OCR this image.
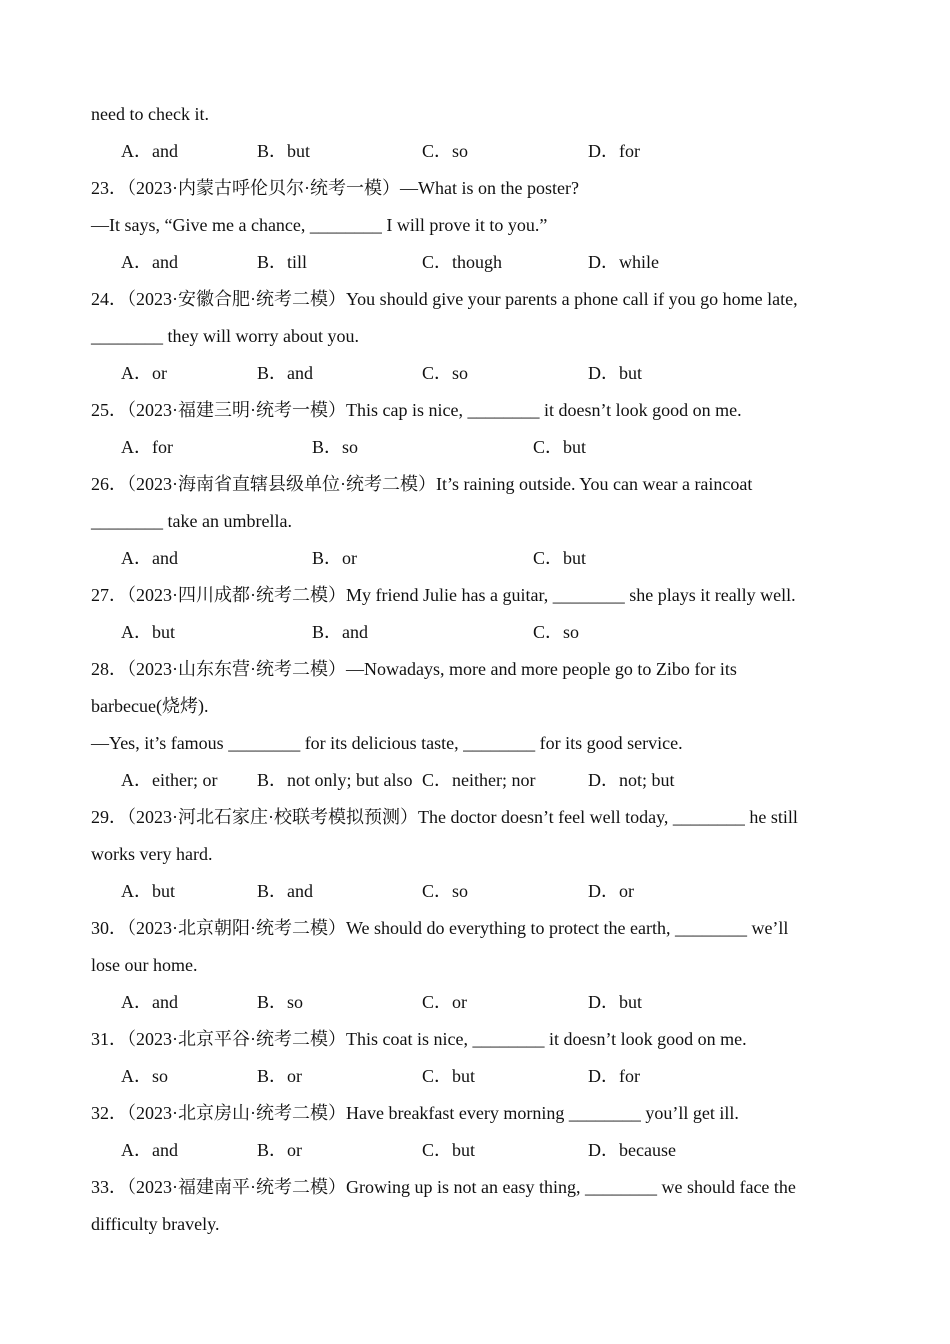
need to check it.
A．and	B．but	C．so	D．for
23．（2023·内蒙古呼伦贝尔·统考一模）—What is on the poster?
—It says, “Give me a chance, ________ I will prove it to you.”
A．and	B．till	C．though	D．while
24．（2023·安徽合肥·统考二模）You should give your parents a phone call if you go home late,
________ they will worry about you.
A．or	B．and	C．so	D．but
25．（2023·福建三明·统考一模）This cap is nice, ________ it doesn’t look good on me.
A．for	B．so	C．but
26．（2023·海南省直辖县级单位·统考二模）It’s raining outside. You can wear a raincoat
________ take an umbrella.
A．and	B．or	C．but
27．（2023·四川成都·统考二模）My friend Julie has a guitar, ________ she plays it really well.
A．but	B．and	C．so
28．（2023·山东东营·统考二模）—Nowadays, more and more people go to Zibo for its
barbecue(烧烤).
—Yes, it’s famous ________ for its delicious taste, ________ for its good service.
A．either; or B．not only; but also C．neither; nor	D．not; but
29．（2023·河北石家庄·校联考模拟预测）The doctor doesn’t feel well today, ________ he still
works very hard.
A．but	B．and	C．so	D．or
30．（2023·北京朝阳·统考二模）We should do everything to protect the earth, ________ we’ll
lose our home.
A．and	B．so	C．or	D．but
31．（2023·北京平谷·统考二模）This coat is nice, ________ it doesn’t look good on me.
A．so	B．or	C．but	D．for
32．（2023·北京房山·统考二模）Have breakfast every morning ________ you’ll get ill.
A．and	B．or	C．but	D．because
33．（2023·福建南平·统考二模）Growing up is not an easy thing, ________ we should face the
difficulty bravely.
